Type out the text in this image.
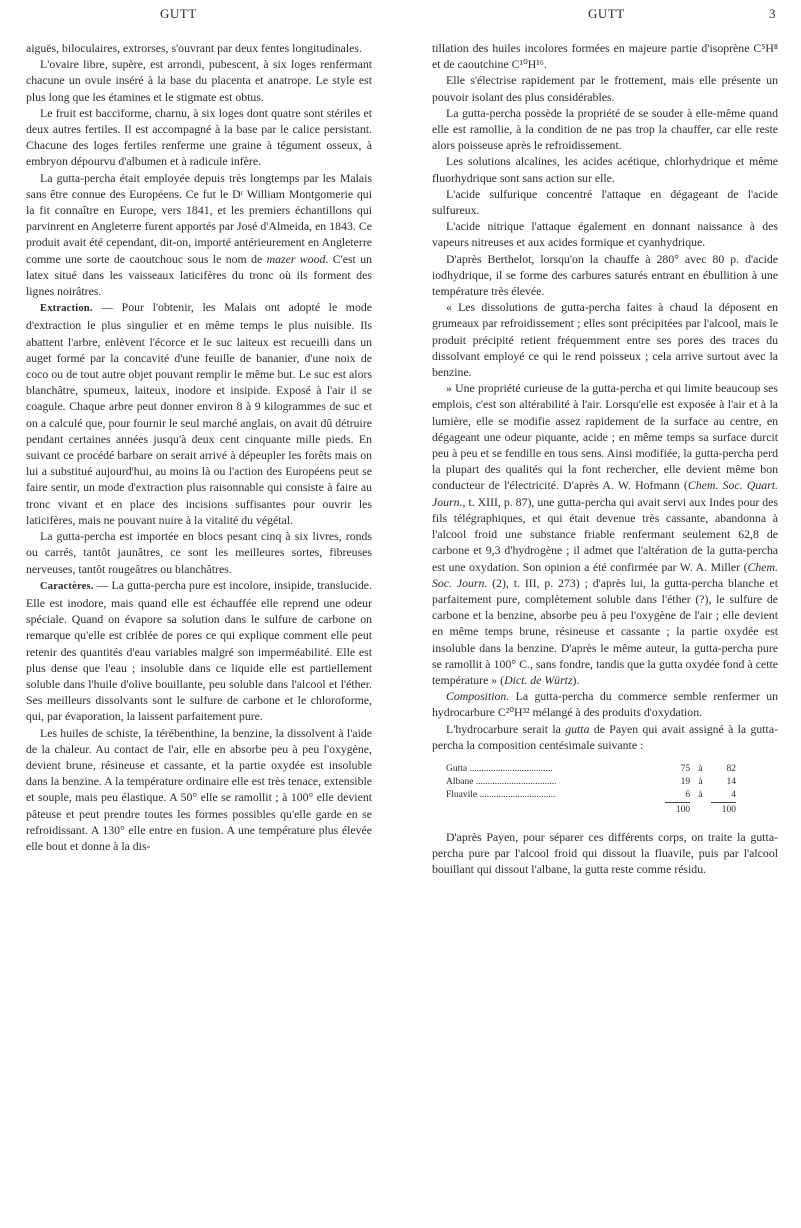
GUTT	GUTT	3

aiguës, biloculaires, extrorses, s'ouvrant par deux fentes longitudinales.

L'ovaire libre, supère, est arrondi, pubescent, à six loges renfermant chacune un ovule inséré à la base du placenta et anatrope. Le style est plus long que les étamines et le stigmate est obtus.

Le fruit est bacciforme, charnu, à six loges dont quatre sont stériles et deux autres fertiles. Il est accompagné à la base par le calice persistant. Chacune des loges fertiles renferme une graine à tégument osseux, à embryon dépourvu d'albumen et à radicule infère.

La gutta-percha était employée depuis très longtemps par les Malais sans être connue des Européens. Ce fut le Dʳ William Montgomerie qui la fit connaître en Europe, vers 1841, et les premiers échantillons qui parvinrent en Angleterre furent apportés par José d'Almeida, en 1843. Ce produit avait été cependant, dit-on, importé antérieurement en Angleterre comme une sorte de caoutchouc sous le nom de mazer wood. C'est un latex situé dans les vaisseaux laticifères du tronc où ils forment des lignes noirâtres.

Extraction. — Pour l'obtenir, les Malais ont adopté le mode d'extraction le plus singulier et en même temps le plus nuisible. Ils abattent l'arbre, enlèvent l'écorce et le suc laiteux est recueilli dans un auget formé par la concavité d'une feuille de bananier, d'une noix de coco ou de tout autre objet pouvant remplir le même but. Le suc est alors blanchâtre, spumeux, laiteux, inodore et insipide. Exposé à l'air il se coagule. Chaque arbre peut donner environ 8 à 9 kilogrammes de suc et on a calculé que, pour fournir le seul marché anglais, on avait dû détruire pendant certaines années jusqu'à deux cent cinquante mille pieds. En suivant ce procédé barbare on serait arrivé à dépeupler les forêts mais on lui a substitué aujourd'hui, au moins là ou l'action des Européens peut se faire sentir, un mode d'extraction plus raisonnable qui consiste à faire au tronc vivant et en place des incisions suffisantes pour ouvrir les laticifères, mais ne pouvant nuire à la vitalité du végétal.

La gutta-percha est importée en blocs pesant cinq à six livres, ronds ou carrés, tantôt jaunâtres, ce sont les meilleures sortes, fibreuses nerveuses, tantôt rougeâtres ou blanchâtres.

Caractères. — La gutta-percha pure est incolore, insipide, translucide. Elle est inodore, mais quand elle est échauffée elle reprend une odeur spéciale. Quand on évapore sa solution dans le sulfure de carbone on remarque qu'elle est criblée de pores ce qui explique comment elle peut retenir des quantités d'eau variables malgré son imperméabilité. Elle est plus dense que l'eau ; insoluble dans ce liquide elle est partiellement soluble dans l'huile d'olive bouillante, peu soluble dans l'alcool et l'éther. Ses meilleurs dissolvants sont le sulfure de carbone et le chloroforme, qui, par évaporation, la laissent parfaitement pure.

Les huiles de schiste, la térébenthine, la benzine, la dissolvent à l'aide de la chaleur. Au contact de l'air, elle en absorbe peu à peu l'oxygène, devient brune, résineuse et cassante, et la partie oxydée est insoluble dans la benzine. A la température ordinaire elle est très tenace, extensible et souple, mais peu élastique. A 50° elle se ramollit ; à 100° elle devient pâteuse et peut prendre toutes les formes possibles qu'elle garde en se refroidissant. A 130° elle entre en fusion. A une température plus élevée elle bout et donne à la dis-

tillation des huiles incolores formées en majeure partie d'isoprène C⁵H⁸ et de caoutchine C¹⁰H¹⁶.

Elle s'électrise rapidement par le frottement, mais elle présente un pouvoir isolant des plus considérables.

La gutta-percha possède la propriété de se souder à elle-même quand elle est ramollie, à la condition de ne pas trop la chauffer, car elle reste alors poisseuse après le refroidissement.

Les solutions alcalines, les acides acétique, chlorhydrique et même fluorhydrique sont sans action sur elle.

L'acide sulfurique concentré l'attaque en dégageant de l'acide sulfureux.

L'acide nitrique l'attaque également en donnant naissance à des vapeurs nitreuses et aux acides formique et cyanhydrique.

D'après Berthelot, lorsqu'on la chauffe à 280° avec 80 p. d'acide iodhydrique, il se forme des carbures saturés entrant en ébullition à une température très élevée.

« Les dissolutions de gutta-percha faites à chaud la déposent en grumeaux par refroidissement ; elles sont précipitées par l'alcool, mais le produit précipité retient fréquemment entre ses pores des traces du dissolvant employé ce qui le rend poisseux ; cela arrive surtout avec la benzine.

» Une propriété curieuse de la gutta-percha et qui limite beaucoup ses emplois, c'est son altérabilité à l'air. Lorsqu'elle est exposée à l'air et à la lumière, elle se modifie assez rapidement de la surface au centre, en dégageant une odeur piquante, acide ; en même temps sa surface durcit peu à peu et se fendille en tous sens. Ainsi modifiée, la gutta-percha perd la plupart des qualités qui la font rechercher, elle devient même bon conducteur de l'électricité. D'après A. W. Hofmann (Chem. Soc. Quart. Journ., t. XIII, p. 87), une gutta-percha qui avait servi aux Indes pour des fils télégraphiques, et qui était devenue très cassante, abandonna à l'alcool froid une substance friable renfermant seulement 62,8 de carbone et 9,3 d'hydrogène ; il admet que l'altération de la gutta-percha est une oxydation. Son opinion a été confirmée par W. A. Miller (Chem. Soc. Journ. (2), t. III, p. 273) ; d'après lui, la gutta-percha blanche et parfaitement pure, complètement soluble dans l'éther (?), le sulfure de carbone et la benzine, absorbe peu à peu l'oxygène de l'air ; elle devient en même temps brune, résineuse et cassante ; la partie oxydée est insoluble dans la benzine. D'après le même auteur, la gutta-percha pure se ramollit à 100° C., sans fondre, tandis que la gutta oxydée fond à cette température » (Dict. de Würtz).

Composition. La gutta-percha du commerce semble renfermer un hydrocarbure C²⁰H³² mélangé à des produits d'oxydation.

L'hydrocarbure serait la gutta de Payen qui avait assigné à la gutta-percha la composition centésimale suivante :

Gutta ...................................	75	à	82
Albane ..................................	19	à	14
Fluavile ................................	6	à	4
	100		100

D'après Payen, pour séparer ces différents corps, on traite la gutta-percha pure par l'alcool froid qui dissout la fluavile, puis par l'alcool bouillant qui dissout l'albane, la gutta reste comme résidu.
